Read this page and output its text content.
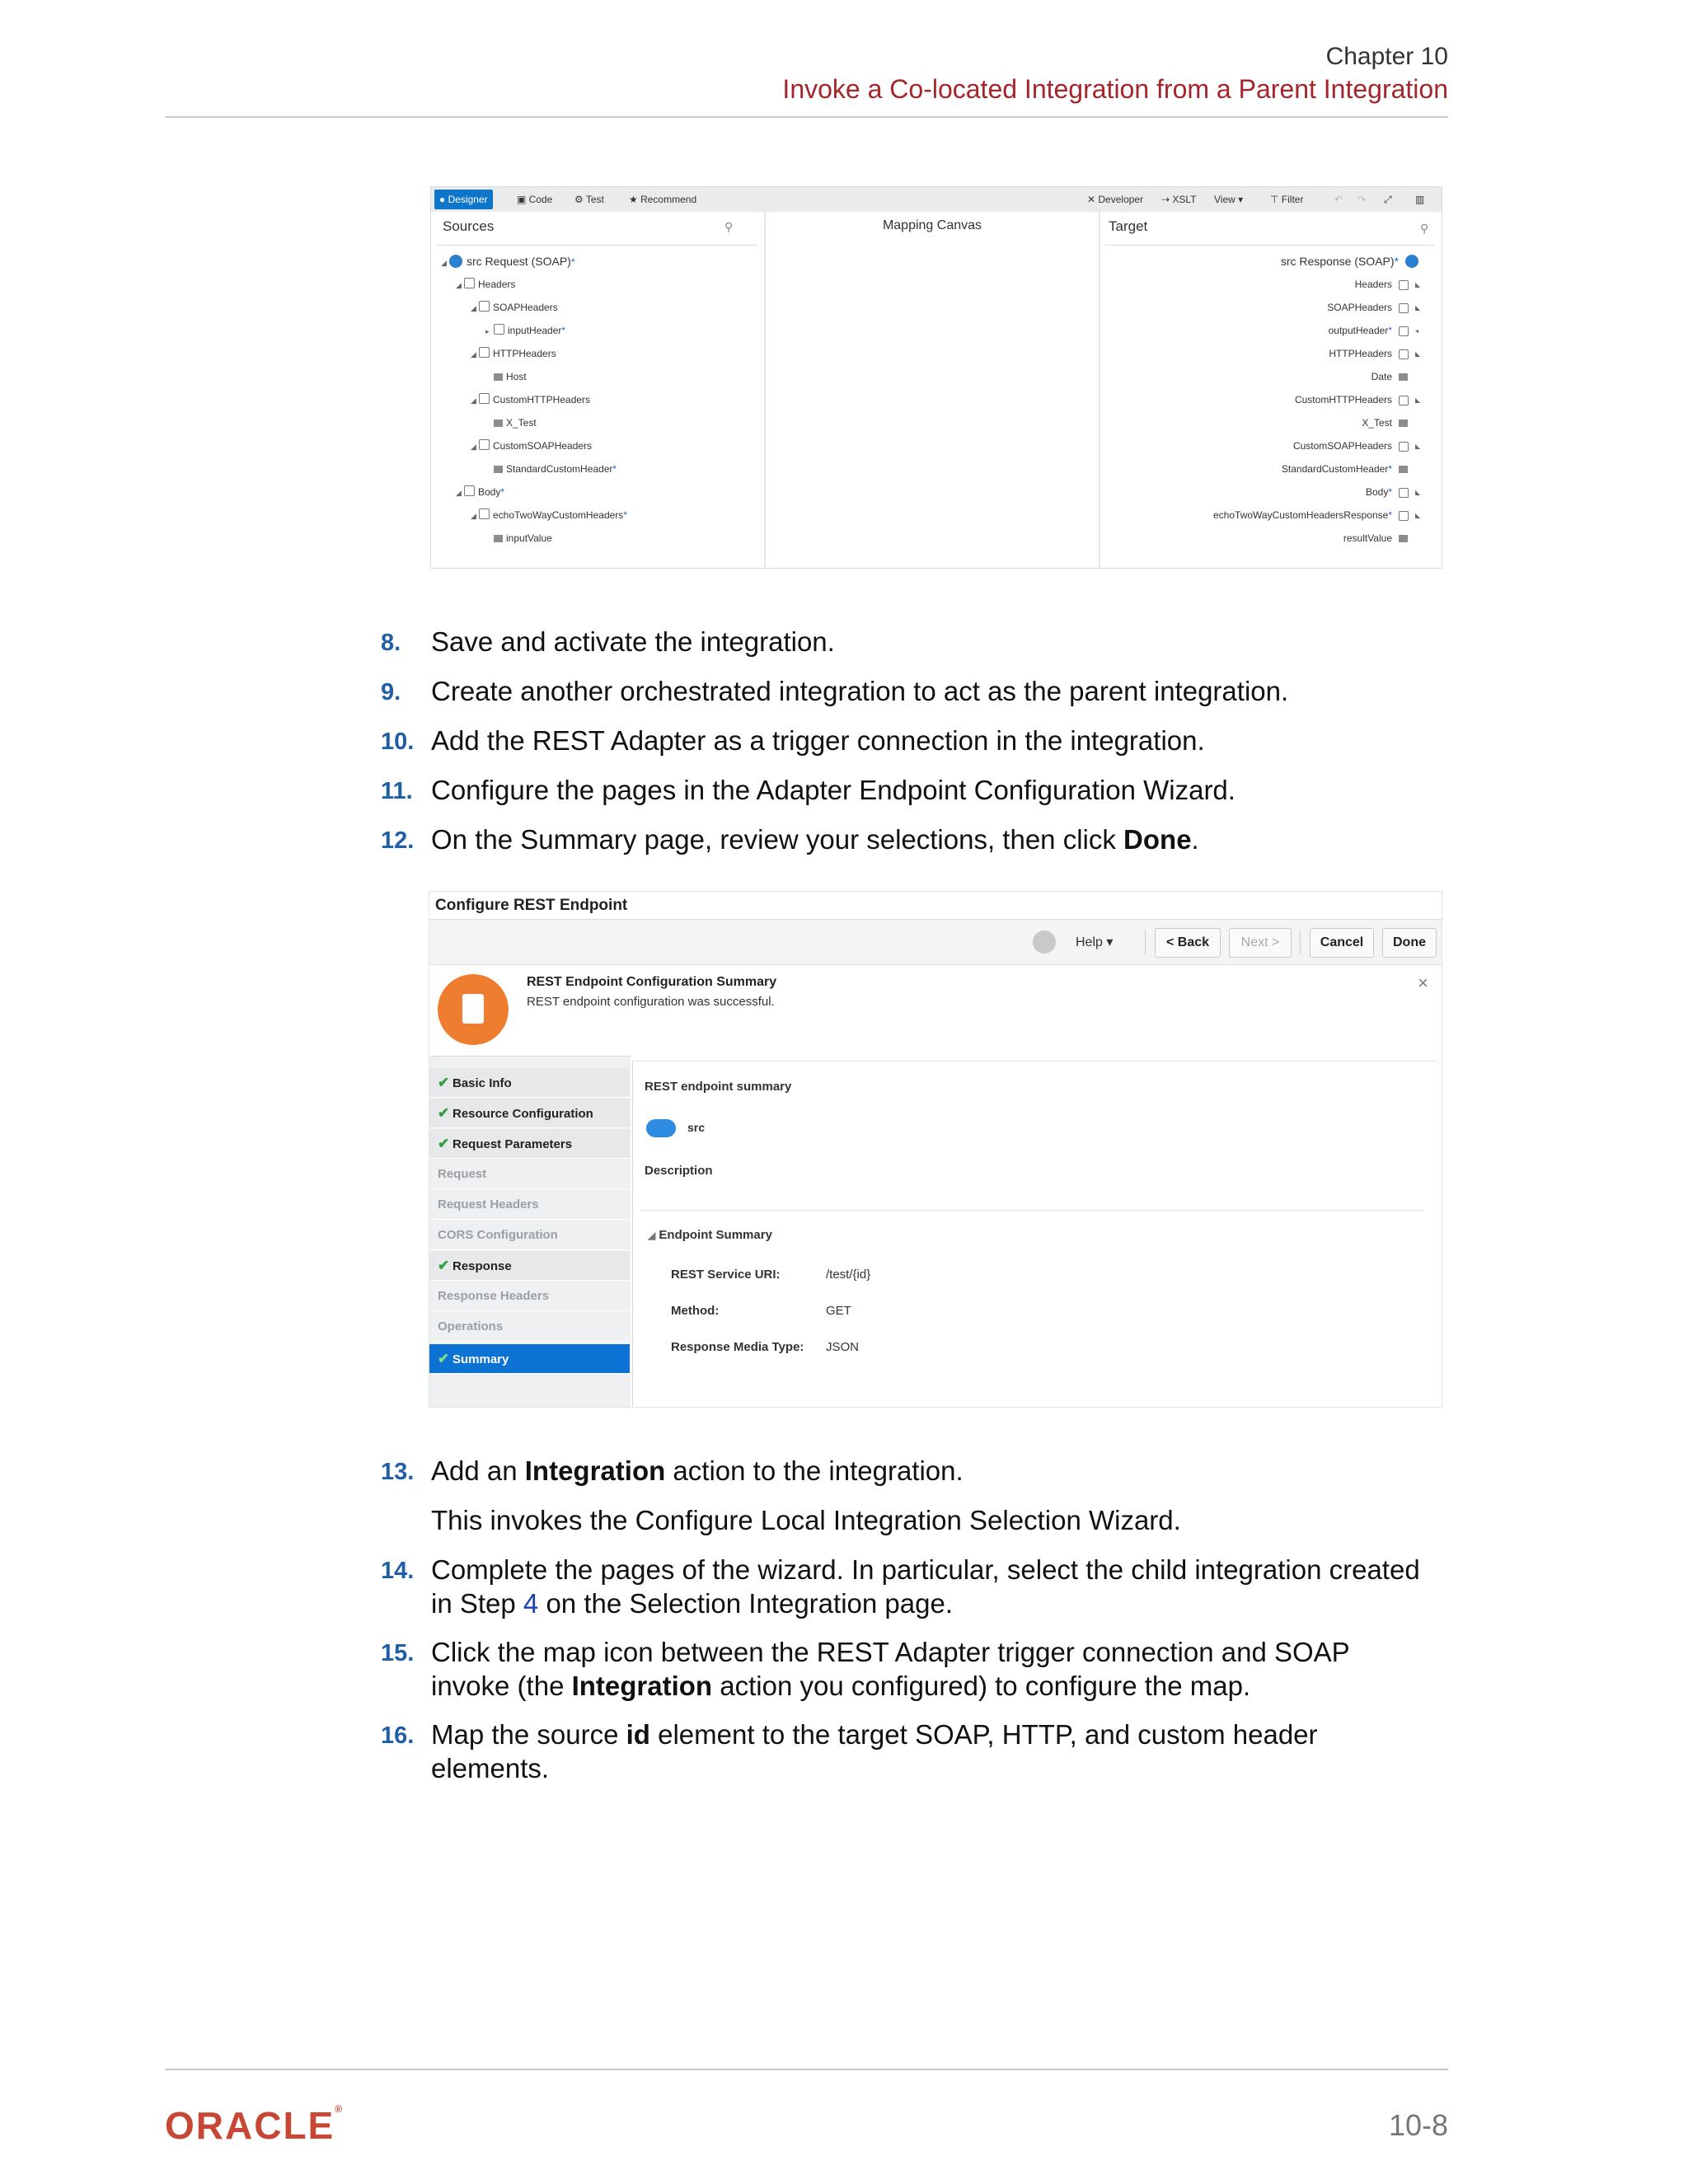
Chapter 10
Invoke a Co-located Integration from a Parent Integration
● Designer	▣ Code	⚙ Test	★ Recommend	✕ Developer	⇢ XSLT	View ▾	⊤ Filter	↶	↷	⤢	▥
Sources	⚲
◢ src Request (SOAP)*
◢ Headers
◢ SOAPHeaders
▸ inputHeader*
◢ HTTPHeaders
Host
◢ CustomHTTPHeaders
X_Test
◢ CustomSOAPHeaders
StandardCustomHeader*
◢ Body*
◢ echoTwoWayCustomHeaders*
inputValue
Mapping Canvas	Target	⚲
src Response (SOAP)*
Headers
SOAPHeaders
outputHeader*
HTTPHeaders
Date
CustomHTTPHeaders
X_Test
CustomSOAPHeaders
StandardCustomHeader*
Body*
echoTwoWayCustomHeadersResponse*
resultValue
◣
◣
◂
◣
◣
◣
◣
◣
8.	Save and activate the integration.
9.	Create another orchestrated integration to act as the parent integration.
10. Add the REST Adapter as a trigger connection in the integration.
11. Configure the pages in the Adapter Endpoint Configuration Wizard.
12. On the Summary page, review your selections, then click Done.
Configure REST Endpoint
Help ▾	< Back	Next >	Cancel	Done
REST Endpoint Configuration Summary
REST endpoint configuration was successful.
×
✔ Basic Info
✔ Resource Configuration
✔ Request Parameters
Request
Request Headers
CORS Configuration
✔ Response
Response Headers
Operations
✔ Summary
REST endpoint summary
src
Description
◢ Endpoint Summary
REST Service URI:	/test/{id}
Method:	GET
Response Media Type: JSON
13. Add an Integration action to the integration.
This invokes the Configure Local Integration Selection Wizard.
14. Complete the pages of the wizard. In particular, select the child integration created
in Step 4 on the Selection Integration page.
15. Click the map icon between the REST Adapter trigger connection and SOAP
invoke (the Integration action you configured) to configure the map.
16. Map the source id element to the target SOAP, HTTP, and custom header
elements.
ORACLE®	10-8
